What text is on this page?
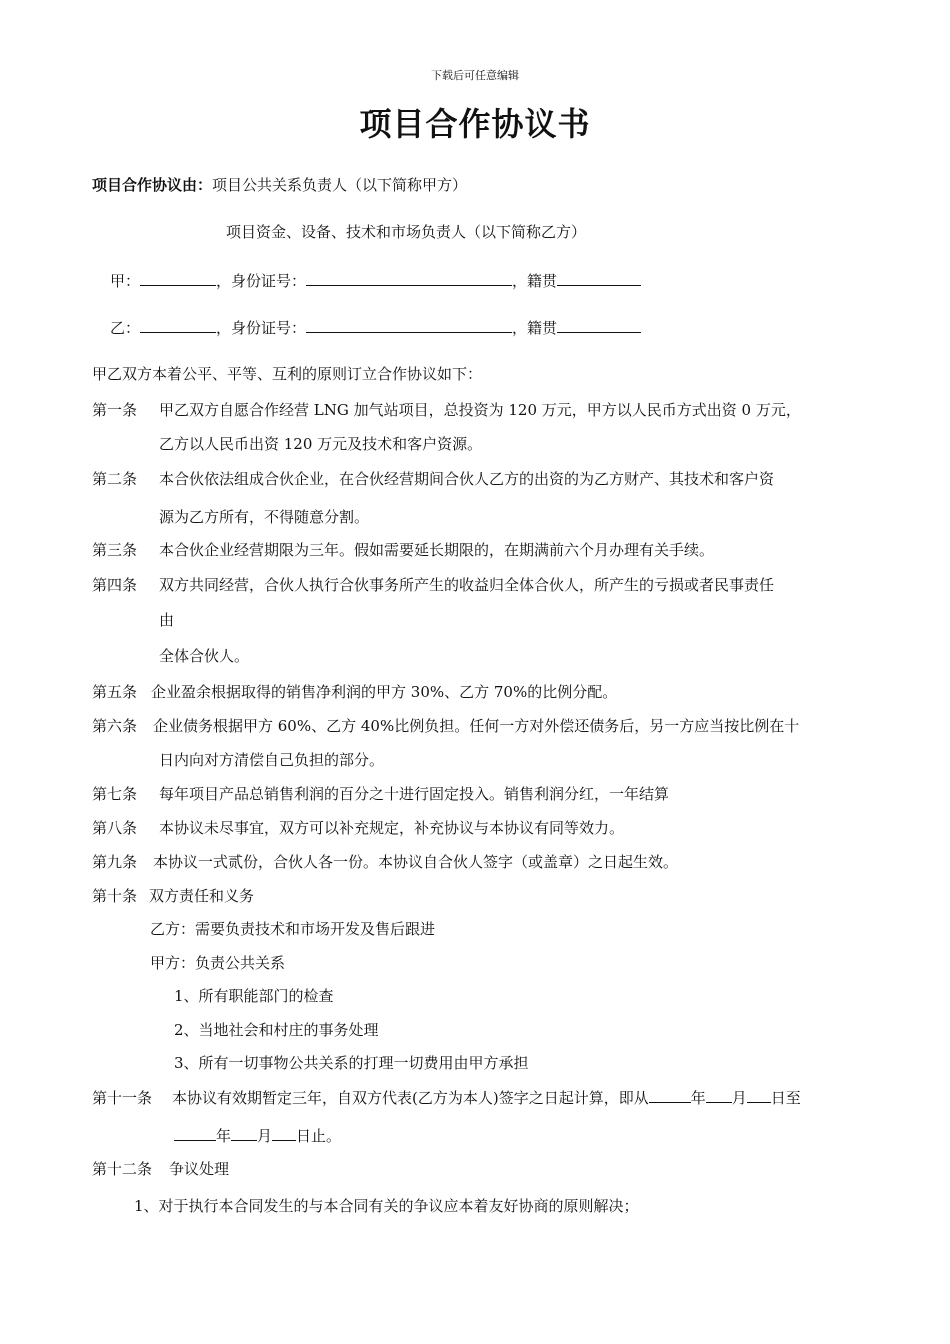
下载后可任意编辑
项目合作协议书
项目合作协议由：项目公共关系负责人（以下简称甲方）
项目资金、设备、技术和市场负责人（以下简称乙方）
甲：	，身份证号：	，籍贯
乙：	，身份证号：	，籍贯
甲乙双方本着公平、平等、互利的原则订立合作协议如下：
第一条 甲乙双方自愿合作经营 LNG 加气站项目，总投资为 120 万元，甲方以人民币方式出资 0 万元，
乙方以人民币出资 120 万元及技术和客户资源。
第二条 本合伙依法组成合伙企业，在合伙经营期间合伙人乙方的出资的为乙方财产、其技术和客户资
源为乙方所有，不得随意分割。
第三条 本合伙企业经营期限为三年。假如需要延长期限的，在期满前六个月办理有关手续。
第四条 双方共同经营，合伙人执行合伙事务所产生的收益归全体合伙人，所产生的亏损或者民事责任
由
全体合伙人。
第五条 企业盈余根据取得的销售净利润的甲方 30%、乙方 70%的比例分配。
第六条 企业债务根据甲方 60%、乙方 40%比例负担。任何一方对外偿还债务后，另一方应当按比例在十
日内向对方清偿自己负担的部分。
第七条 每年项目产品总销售利润的百分之十进行固定投入。销售利润分红，一年结算
第八条 本协议未尽事宜，双方可以补充规定，补充协议与本协议有同等效力。
第九条 本协议一式贰份，合伙人各一份。本协议自合伙人签字（或盖章）之日起生效。
第十条 双方责任和义务
乙方：需要负责技术和市场开发及售后跟进
甲方：负责公共关系
1、所有职能部门的检查
2、当地社会和村庄的事务处理
3、所有一切事物公共关系的打理一切费用由甲方承担
第十一条 本协议有效期暂定三年，自双方代表(乙方为本人)签字之日起计算，即从	年 月 日至
年 月 日止。
第十二条 争议处理
1、对于执行本合同发生的与本合同有关的争议应本着友好协商的原则解决；
